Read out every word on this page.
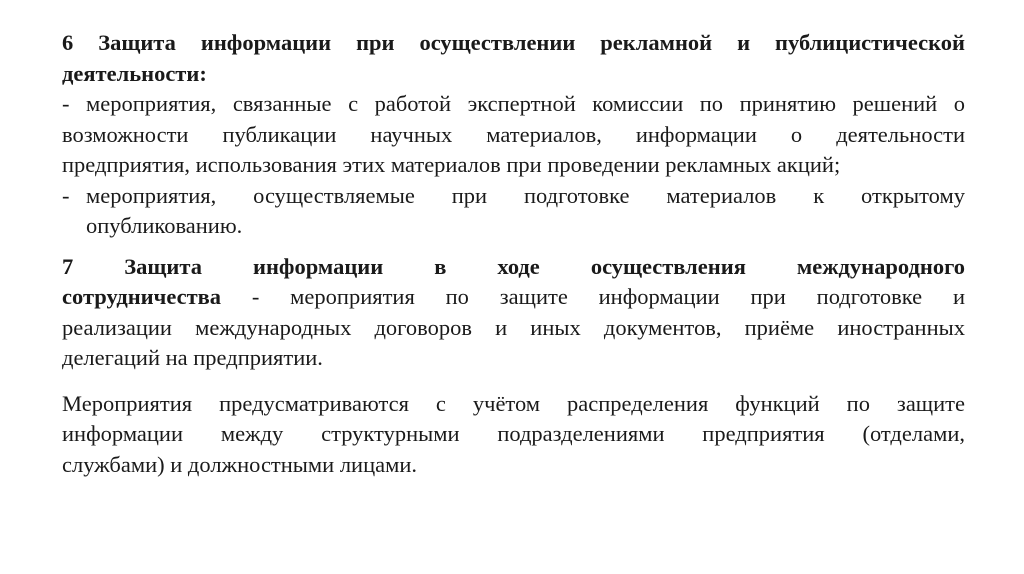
6 Защита информации при осуществлении рекламной и публицистической
деятельности:
- мероприятия, связанные с работой экспертной комиссии по принятию решений о
возможности публикации научных материалов, информации о деятельности
предприятия, использования этих материалов при проведении рекламных акций;
- мероприятия, осуществляемые при подготовке материалов к открытому
опубликованию.
7 Защита информации в ходе осуществления международного
сотрудничества - мероприятия по защите информации при подготовке и
реализации международных договоров и иных документов, приёме иностранных
делегаций на предприятии.
Мероприятия предусматриваются с учётом распределения функций по защите
информации между структурными подразделениями предприятия (отделами,
службами) и должностными лицами.
